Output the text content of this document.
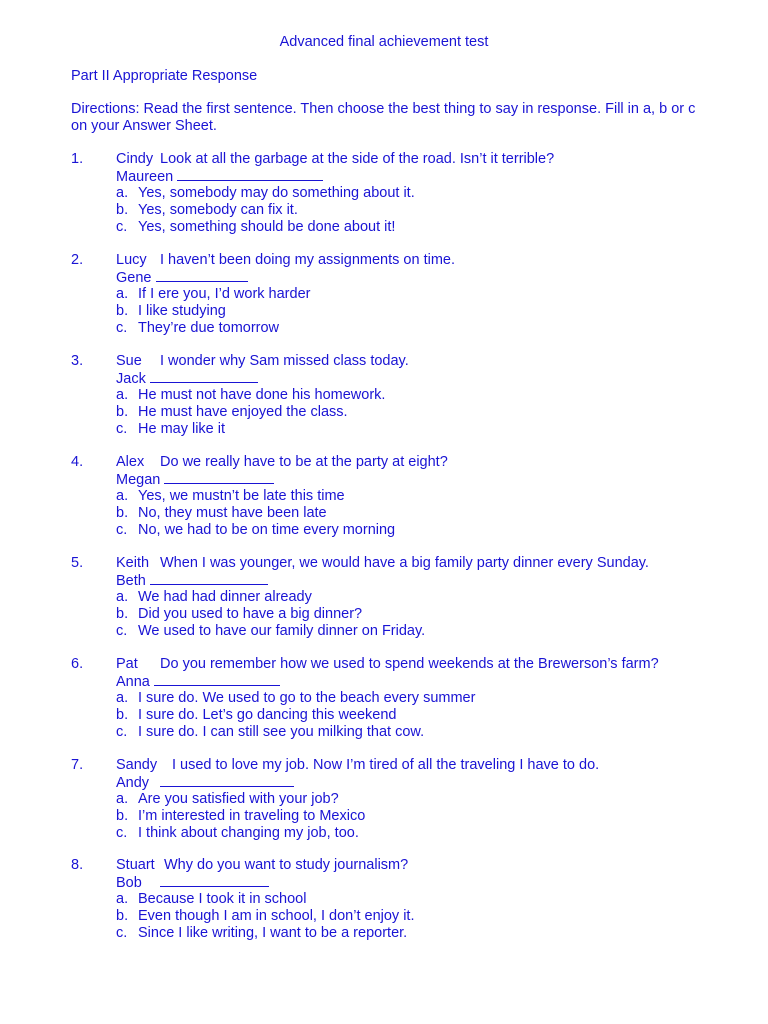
Advanced final achievement test
Part II Appropriate Response
Directions: Read the first sentence. Then choose the best thing to say in response. Fill in a, b or c on your Answer Sheet.
1. Cindy Look at all the garbage at the side of the road. Isn’t it terrible?
Maureen
a. Yes, somebody may do something about it.
b. Yes, somebody can fix it.
c. Yes, something should be done about it!
2. Lucy I haven’t been doing my assignments on time.
Gene
a. If I ere you, I’d work harder
b. I like studying
c. They’re due tomorrow
3. Sue I wonder why Sam missed class today.
Jack
a. He must not have done his homework.
b. He must have enjoyed the class.
c. He may like it
4. Alex Do we really have to be at the party at eight?
Megan
a. Yes, we mustn’t be late this time
b. No, they must have been late
c. No, we had to be on time every morning
5. Keith When I was younger, we would have a big family party dinner every Sunday.
Beth
a. We had had dinner already
b. Did you used to have a big dinner?
c. We used to have our family dinner on Friday.
6. Pat Do you remember how we used to spend weekends at the Brewerson’s farm?
Anna
a. I sure do. We used to go to the beach every summer
b. I sure do. Let’s go dancing this weekend
c. I sure do. I can still see you milking that cow.
7. Sandy I used to love my job. Now I’m tired of all the traveling I have to do.
Andy
a. Are you satisfied with your job?
b. I’m interested in traveling to Mexico
c. I think about changing my job, too.
8. Stuart Why do you want to study journalism?
Bob
a. Because I took it in school
b. Even though I am in school, I don’t enjoy it.
c. Since I like writing, I want to be a reporter.
